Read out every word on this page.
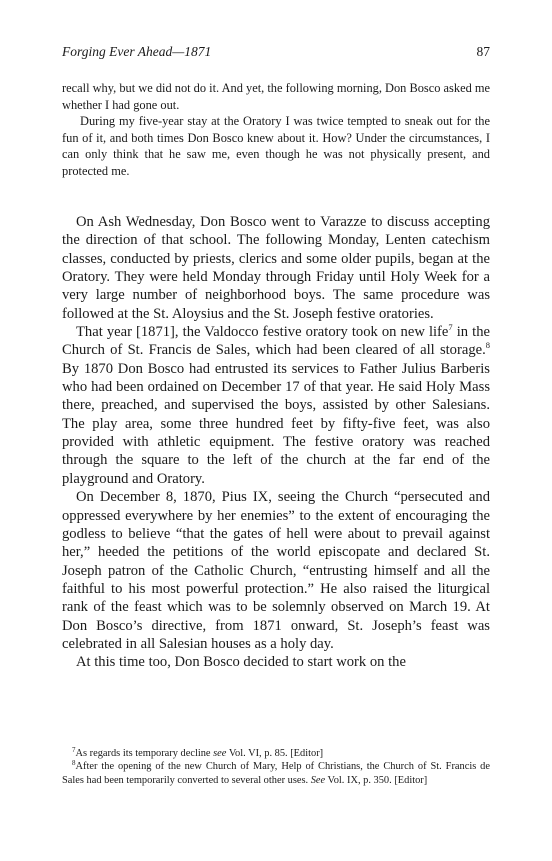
Forging Ever Ahead—1871	87

recall why, but we did not do it. And yet, the following morning, Don Bosco asked me whether I had gone out.

During my five-year stay at the Oratory I was twice tempted to sneak out for the fun of it, and both times Don Bosco knew about it. How? Under the circumstances, I can only think that he saw me, even though he was not physically present, and protected me.

On Ash Wednesday, Don Bosco went to Varazze to discuss accepting the direction of that school. The following Monday, Lenten catechism classes, conducted by priests, clerics and some older pupils, began at the Oratory. They were held Monday through Friday until Holy Week for a very large number of neighborhood boys. The same procedure was followed at the St. Aloysius and the St. Joseph festive oratories.

That year [1871], the Valdocco festive oratory took on new life$^7$ in the Church of St. Francis de Sales, which had been cleared of all storage.$^8$ By 1870 Don Bosco had entrusted its services to Father Julius Barberis who had been ordained on December 17 of that year. He said Holy Mass there, preached, and supervised the boys, assisted by other Salesians. The play area, some three hundred feet by fifty-five feet, was also provided with athletic equipment. The festive oratory was reached through the square to the left of the church at the far end of the playground and Oratory.

On December 8, 1870, Pius IX, seeing the Church “persecuted and oppressed everywhere by her enemies” to the extent of encouraging the godless to believe “that the gates of hell were about to prevail against her,” heeded the petitions of the world episcopate and declared St. Joseph patron of the Catholic Church, “entrusting himself and all the faithful to his most powerful protection.” He also raised the liturgical rank of the feast which was to be solemnly observed on March 19. At Don Bosco’s directive, from 1871 onward, St. Joseph’s feast was celebrated in all Salesian houses as a holy day.

At this time too, Don Bosco decided to start work on the

$^7$As regards its temporary decline see Vol. VI, p. 85. [Editor]

$^8$After the opening of the new Church of Mary, Help of Christians, the Church of St. Francis de Sales had been temporarily converted to several other uses. See Vol. IX, p. 350. [Editor]
